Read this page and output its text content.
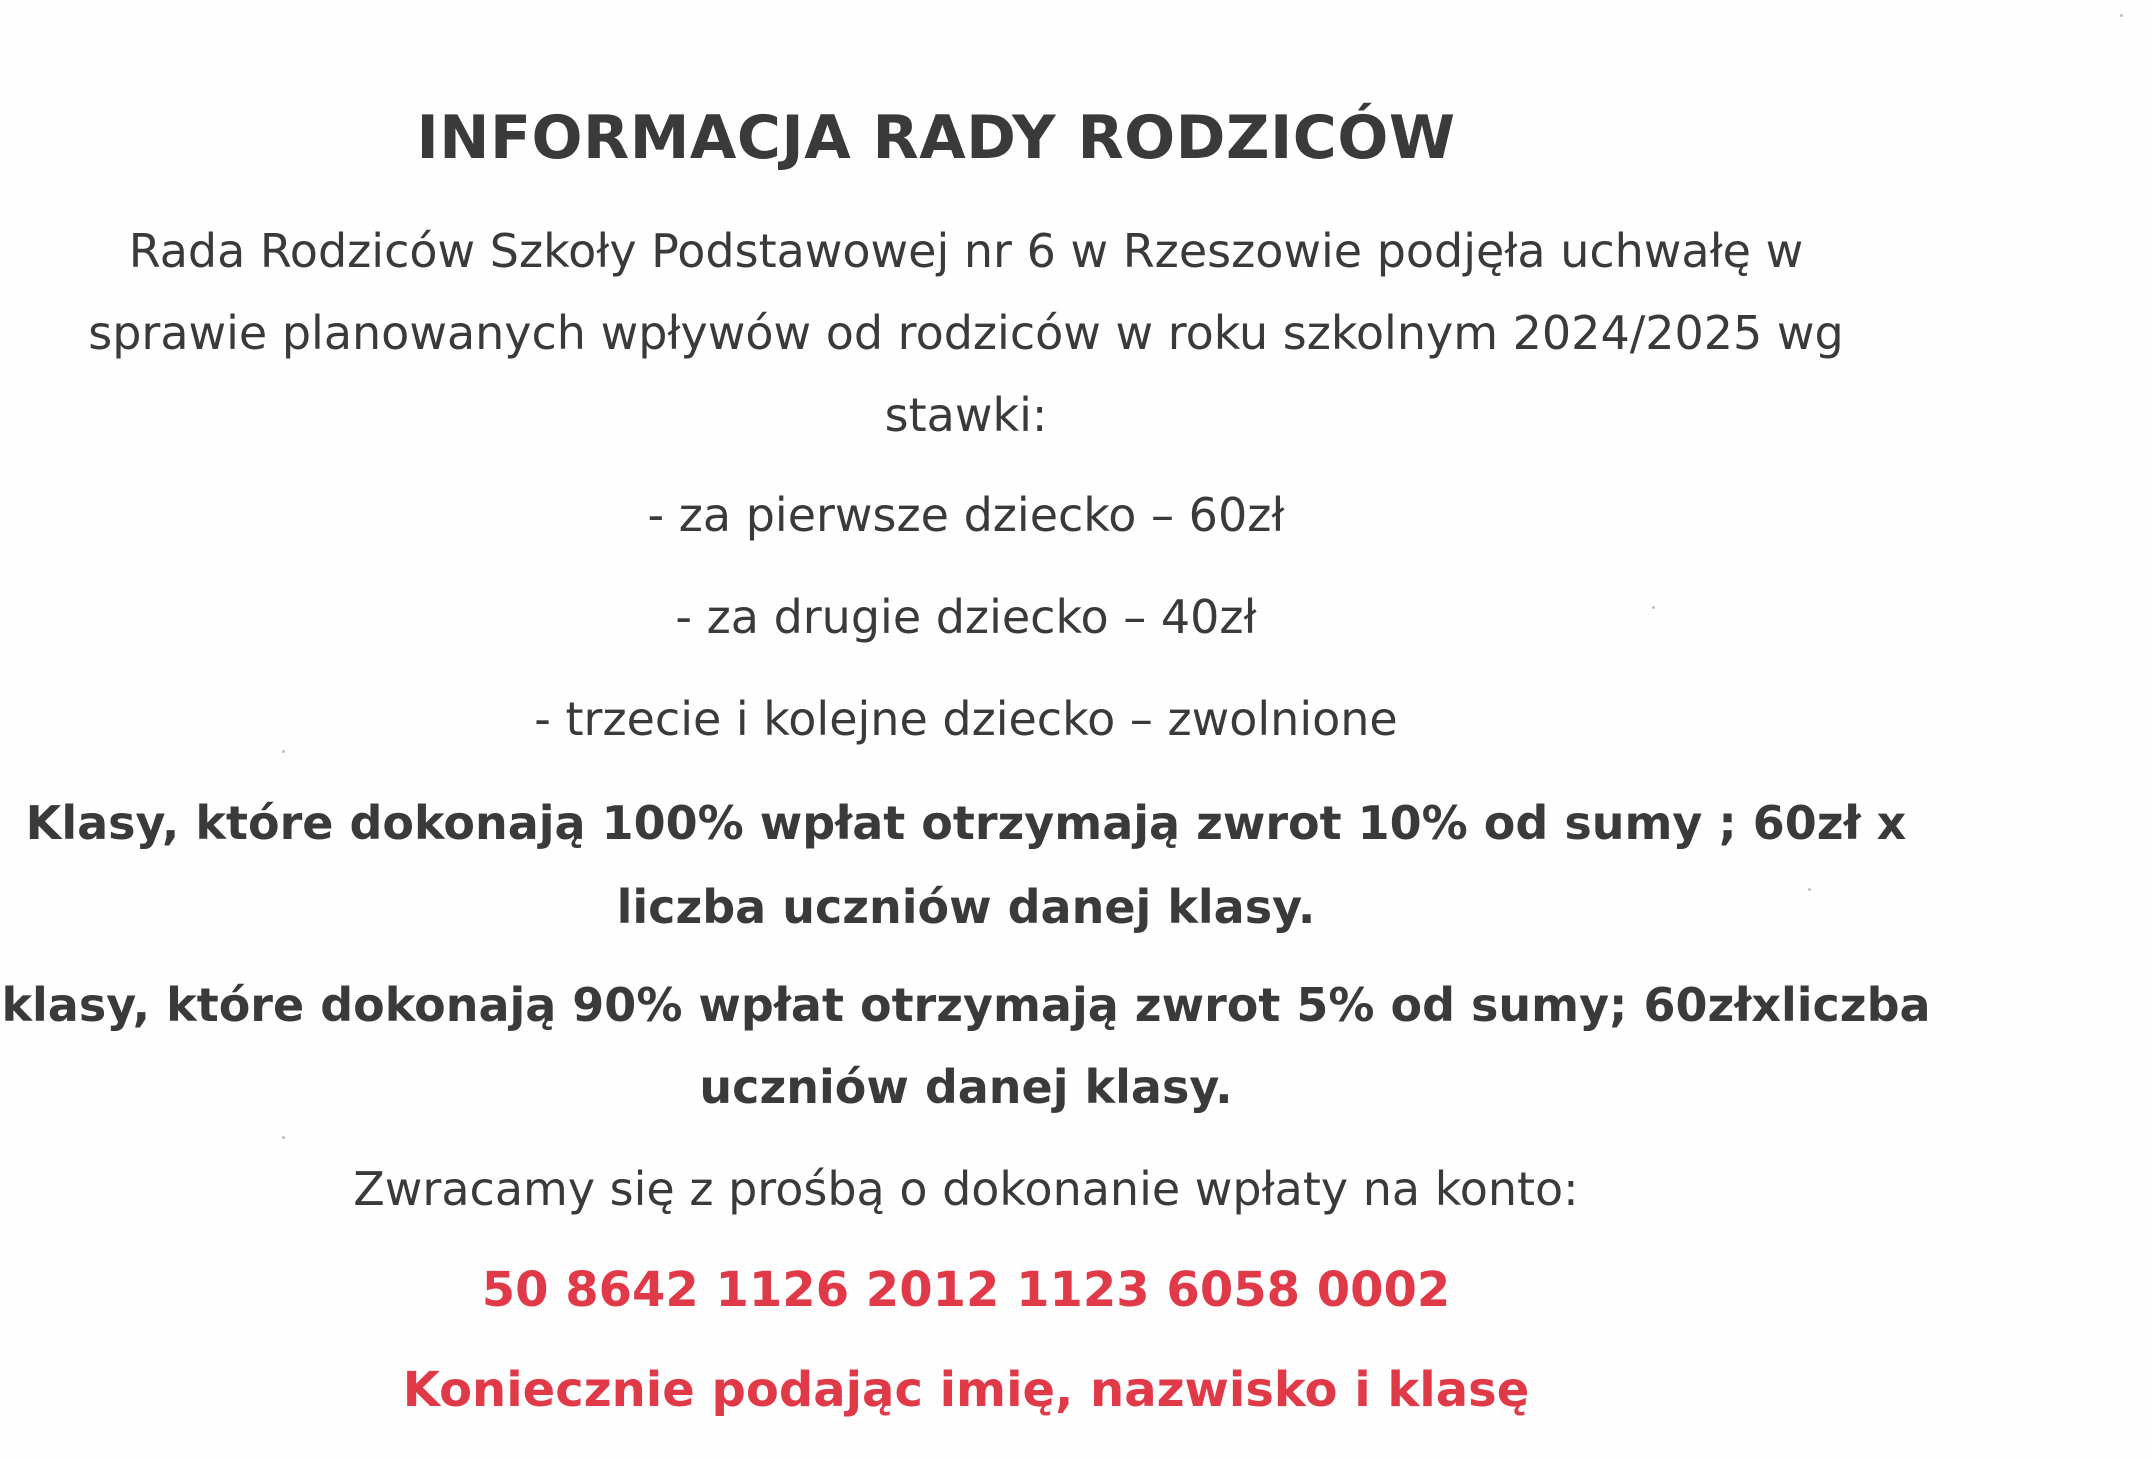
INFORMACJA RADY RODZICÓW
Rada Rodziców Szkoły Podstawowej nr 6 w Rzeszowie podjęła uchwałę w
sprawie planowanych wpływów od rodziców w roku szkolnym 2024/2025 wg
stawki:
- za pierwsze dziecko – 60zł
- za drugie dziecko – 40zł
- trzecie i kolejne dziecko – zwolnione
Klasy, które dokonają 100% wpłat otrzymają zwrot 10% od sumy ; 60zł x
liczba uczniów danej klasy.
klasy, które dokonają 90% wpłat otrzymają zwrot 5% od sumy; 60złxliczba
uczniów danej klasy.
Zwracamy się z prośbą o dokonanie wpłaty na konto:
50 8642 1126 2012 1123 6058 0002
Koniecznie podając imię, nazwisko i klasę
